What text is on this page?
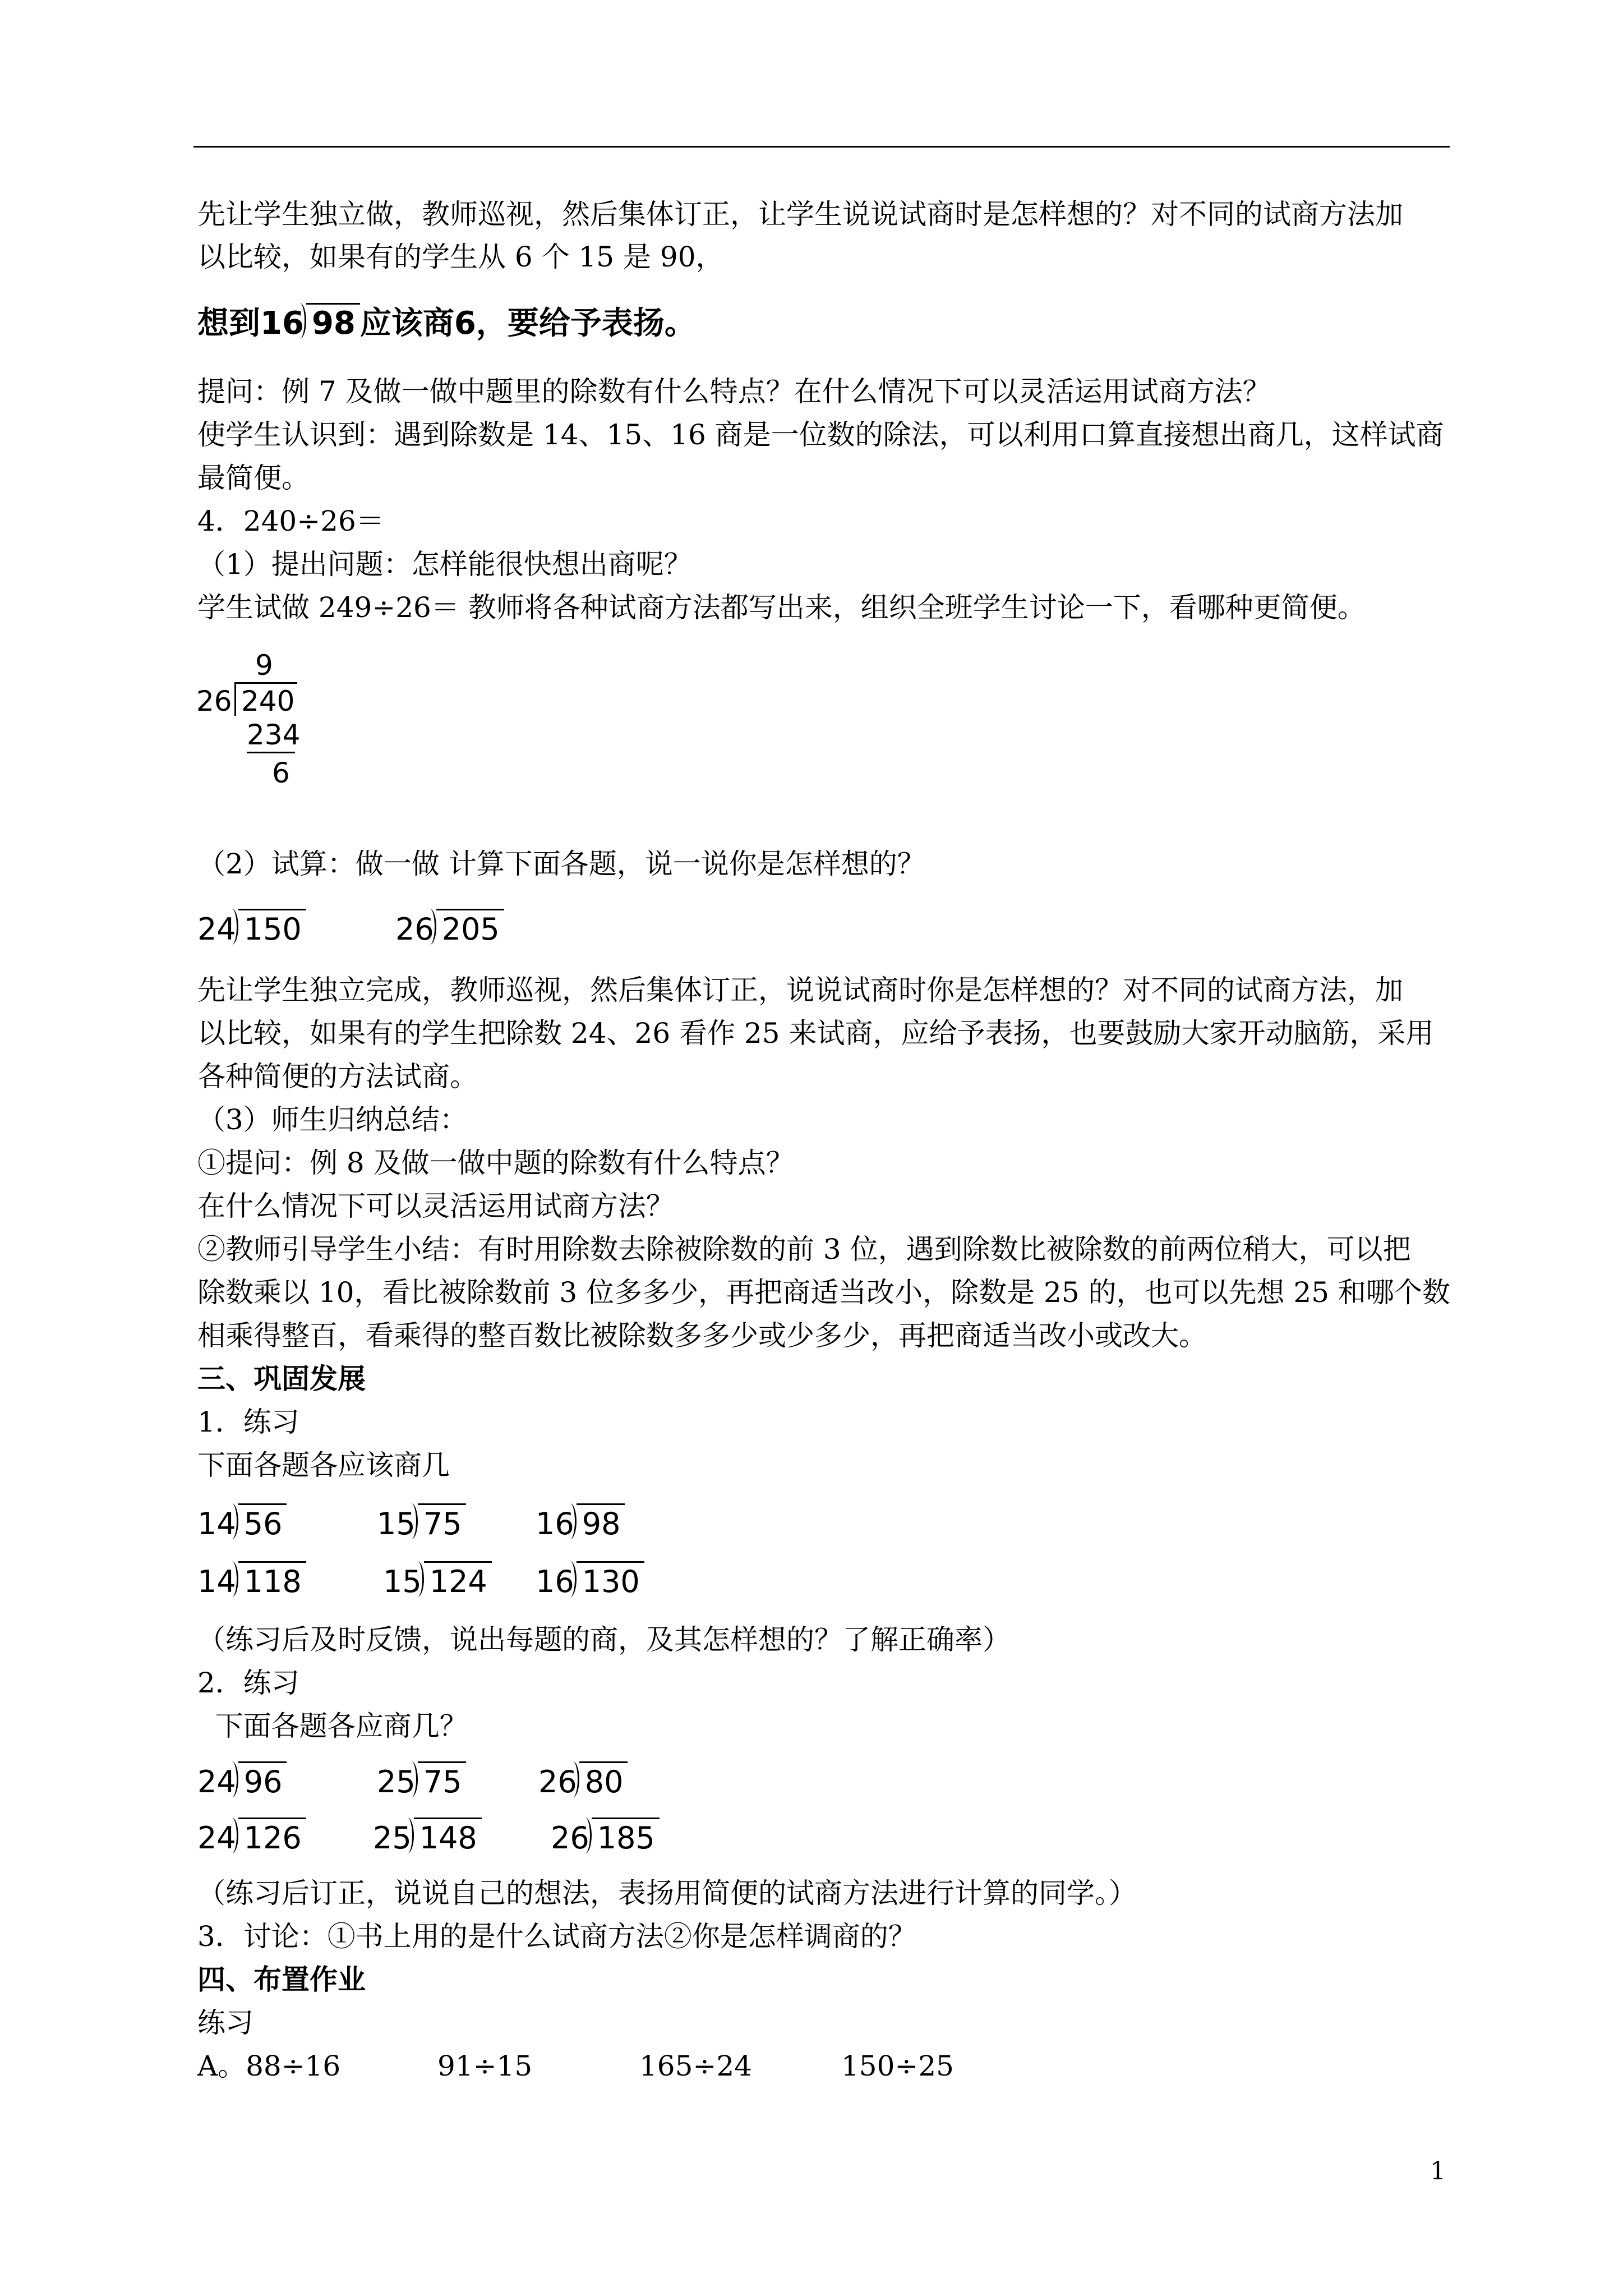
先让学生独立做，教师巡视，然后集体订正，让学生说说试商时是怎样想的？对不同的试商方法加
以比较，如果有的学生从 6 个 15 是 90，
想到16 98 应该商6，要给予表扬。
提问：例 7 及做一做中题里的除数有什么特点？在什么情况下可以灵活运用试商方法？
使学生认识到：遇到除数是 14、15、16 商是一位数的除法，可以利用口算直接想出商几，这样试商
最简便。
4．240÷26＝
（1）提出问题：怎样能很快想出商呢？
学生试做 249÷26＝ 教师将各种试商方法都写出来，组织全班学生讨论一下，看哪种更简便。
9
26 240
234
6
（2）试算：做一做 计算下面各题，说一说你是怎样想的？
24 150	26 205
先让学生独立完成，教师巡视，然后集体订正，说说试商时你是怎样想的？对不同的试商方法，加
以比较，如果有的学生把除数 24、26 看作 25 来试商，应给予表扬，也要鼓励大家开动脑筋，采用
各种简便的方法试商。
（3）师生归纳总结：
①提问：例 8 及做一做中题的除数有什么特点？
在什么情况下可以灵活运用试商方法？
②教师引导学生小结：有时用除数去除被除数的前 3 位，遇到除数比被除数的前两位稍大，可以把
除数乘以 10，看比被除数前 3 位多多少，再把商适当改小，除数是 25 的，也可以先想 25 和哪个数
相乘得整百，看乘得的整百数比被除数多多少或少多少，再把商适当改小或改大。
三、巩固发展
1．练习
下面各题各应该商几
14 56	15 75 16 98
14 118	15 124 16 130
（练习后及时反馈，说出每题的商，及其怎样想的？了解正确率）
2．练习
下面各题各应商几？
24 96	25 75	26 80
24 126 25 148 26 185
（练习后订正，说说自己的想法，表扬用简便的试商方法进行计算的同学。）
3．讨论：①书上用的是什么试商方法②你是怎样调商的？
四、布置作业
练习
A。88÷16	91÷15	165÷24	150÷25
1
